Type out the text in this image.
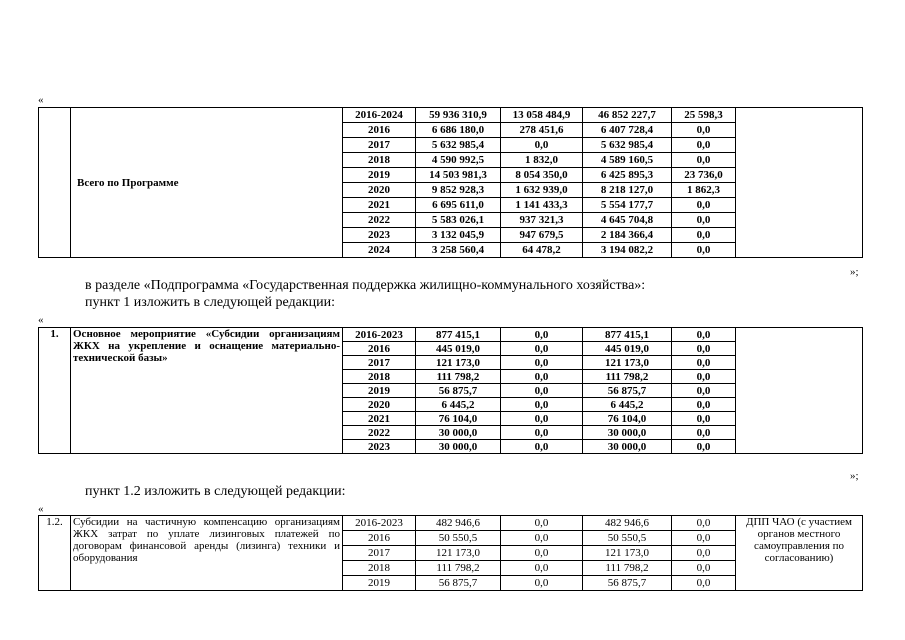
«
	Всего по Программе	2016-2024	59 936 310,9	13 058 484,9	46 852 227,7	25 598,3	
		2016	6 686 180,0	278 451,6	6 407 728,4	0,0	
		2017	5 632 985,4	0,0	5 632 985,4	0,0	
		2018	4 590 992,5	1 832,0	4 589 160,5	0,0	
		2019	14 503 981,3	8 054 350,0	6 425 895,3	23 736,0	
		2020	9 852 928,3	1 632 939,0	8 218 127,0	1 862,3	
		2021	6 695 611,0	1 141 433,3	5 554 177,7	0,0	
		2022	5 583 026,1	937 321,3	4 645 704,8	0,0	
		2023	3 132 045,9	947 679,5	2 184 366,4	0,0	
		2024	3 258 560,4	64 478,2	3 194 082,2	0,0	
»;
в разделе «Подпрограмма «Государственная поддержка жилищно-коммунального хозяйства»:
пункт 1 изложить в следующей редакции:
«
1.	Основное мероприятие «Субсидии организациям ЖКХ на укрепление и оснащение материально-технической базы»	2016-2023	877 415,1	0,0	877 415,1	0,0	
		2016	445 019,0	0,0	445 019,0	0,0	
		2017	121 173,0	0,0	121 173,0	0,0	
		2018	111 798,2	0,0	111 798,2	0,0	
		2019	56 875,7	0,0	56 875,7	0,0	
		2020	6 445,2	0,0	6 445,2	0,0	
		2021	76 104,0	0,0	76 104,0	0,0	
		2022	30 000,0	0,0	30 000,0	0,0	
		2023	30 000,0	0,0	30 000,0	0,0	
»;
пункт 1.2 изложить в следующей редакции:
«
1.2.	Субсидии на частичную компенсацию организациям ЖКХ затрат по уплате лизинговых платежей по договорам финансовой аренды (лизинга) техники и оборудования	2016-2023	482 946,6	0,0	482 946,6	0,0	ДПП ЧАО (с участием органов местного самоуправления по согласованию)
		2016	50 550,5	0,0	50 550,5	0,0	
		2017	121 173,0	0,0	121 173,0	0,0	
		2018	111 798,2	0,0	111 798,2	0,0	
		2019	56 875,7	0,0	56 875,7	0,0	
